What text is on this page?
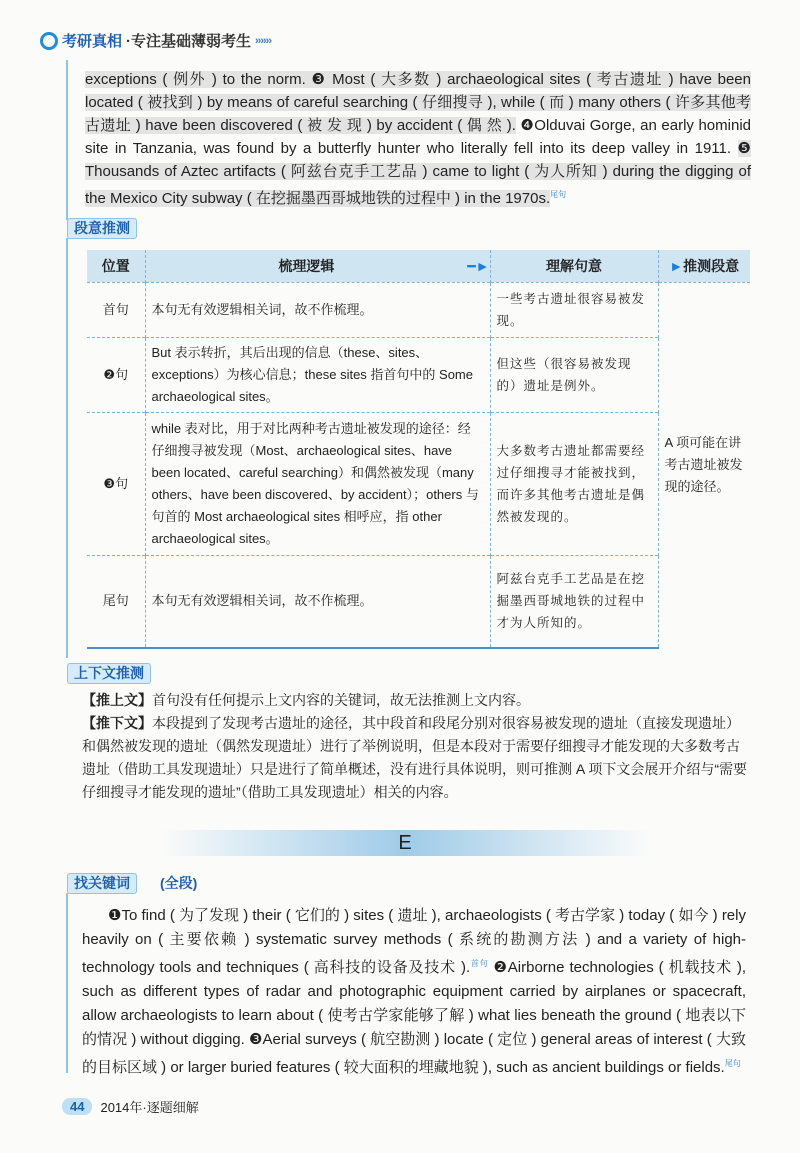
考研真相 ·专注基础薄弱考生 ››››››
exceptions ( 例外 ) to the norm. ❸ Most ( 大多数 ) archaeological sites ( 考古遗址 ) have been located ( 被找到 ) by means of careful searching ( 仔细搜寻 ), while ( 而 ) many others ( 许多其他考古遗址 ) have been discovered ( 被 发 现 ) by accident ( 偶 然 ). ❹Olduvai Gorge, an early hominid site in Tanzania, was found by a butterfly hunter who literally fell into its deep valley in 1911. ❺ Thousands of Aztec artifacts ( 阿兹台克手工艺品 ) came to light ( 为人所知 ) during the digging of the Mexico City subway ( 在挖掘墨西哥城地铁的过程中 ) in the 1970s.$^{尾句}$
段意推测
位置	梳理逻辑 ━►	理解句意	►推测段意
首句	本句无有效逻辑相关词，故不作梳理。	一些考古遗址很容易被发现。	A 项可能在讲考古遗址被发现的途径。
❷句	But 表示转折，其后出现的信息（these、sites、exceptions）为核心信息；these sites 指首句中的 Some archaeological sites。	但这些（很容易被发现的）遗址是例外。	
❸句	while 表对比，用于对比两种考古遗址被发现的途径：经仔细搜寻被发现（Most、archaeological sites、have been located、careful searching）和偶然被发现（many others、have been discovered、by accident）；others 与句首的 Most archaeological sites 相呼应，指 other archaeological sites。	大多数考古遗址都需要经过仔细搜寻才能被找到，而许多其他考古遗址是偶然被发现的。	
尾句	本句无有效逻辑相关词，故不作梳理。	阿兹台克手工艺品是在挖掘墨西哥城地铁的过程中才为人所知的。	
上下文推测

【推上文】首句没有任何提示上文内容的关键词，故无法推测上文内容。

【推下文】本段提到了发现考古遗址的途径，其中段首和段尾分别对很容易被发现的遗址（直接发现遗址）和偶然被发现的遗址（偶然发现遗址）进行了举例说明，但是本段对于需要仔细搜寻才能发现的大多数考古遗址（借助工具发现遗址）只是进行了简单概述，没有进行具体说明，则可推测 A 项下文会展开介绍与“需要仔细搜寻才能发现的遗址”（借助工具发现遗址）相关的内容。

E
找关键词	(全段)
❶To find ( 为了发现 ) their ( 它们的 ) sites ( 遗址 ), archaeologists ( 考古学家 ) today ( 如今 ) rely heavily on ( 主要依赖 ) systematic survey methods ( 系统的勘测方法 ) and a variety of high-technology tools and techniques ( 高科技的设备及技术 ).$^{首句}$ ❷Airborne technologies ( 机载技术 ), such as different types of radar and photographic equipment carried by airplanes or spacecraft, allow archaeologists to learn about ( 使考古学家能够了解 ) what lies beneath the ground ( 地表以下的情况 ) without digging. ❸Aerial surveys ( 航空勘测 ) locate ( 定位 ) general areas of interest ( 大致的目标区域 ) or larger buried features ( 较大面积的埋藏地貌 ), such as ancient buildings or fields.$^{尾句}$
44	2014年·逐题细解
